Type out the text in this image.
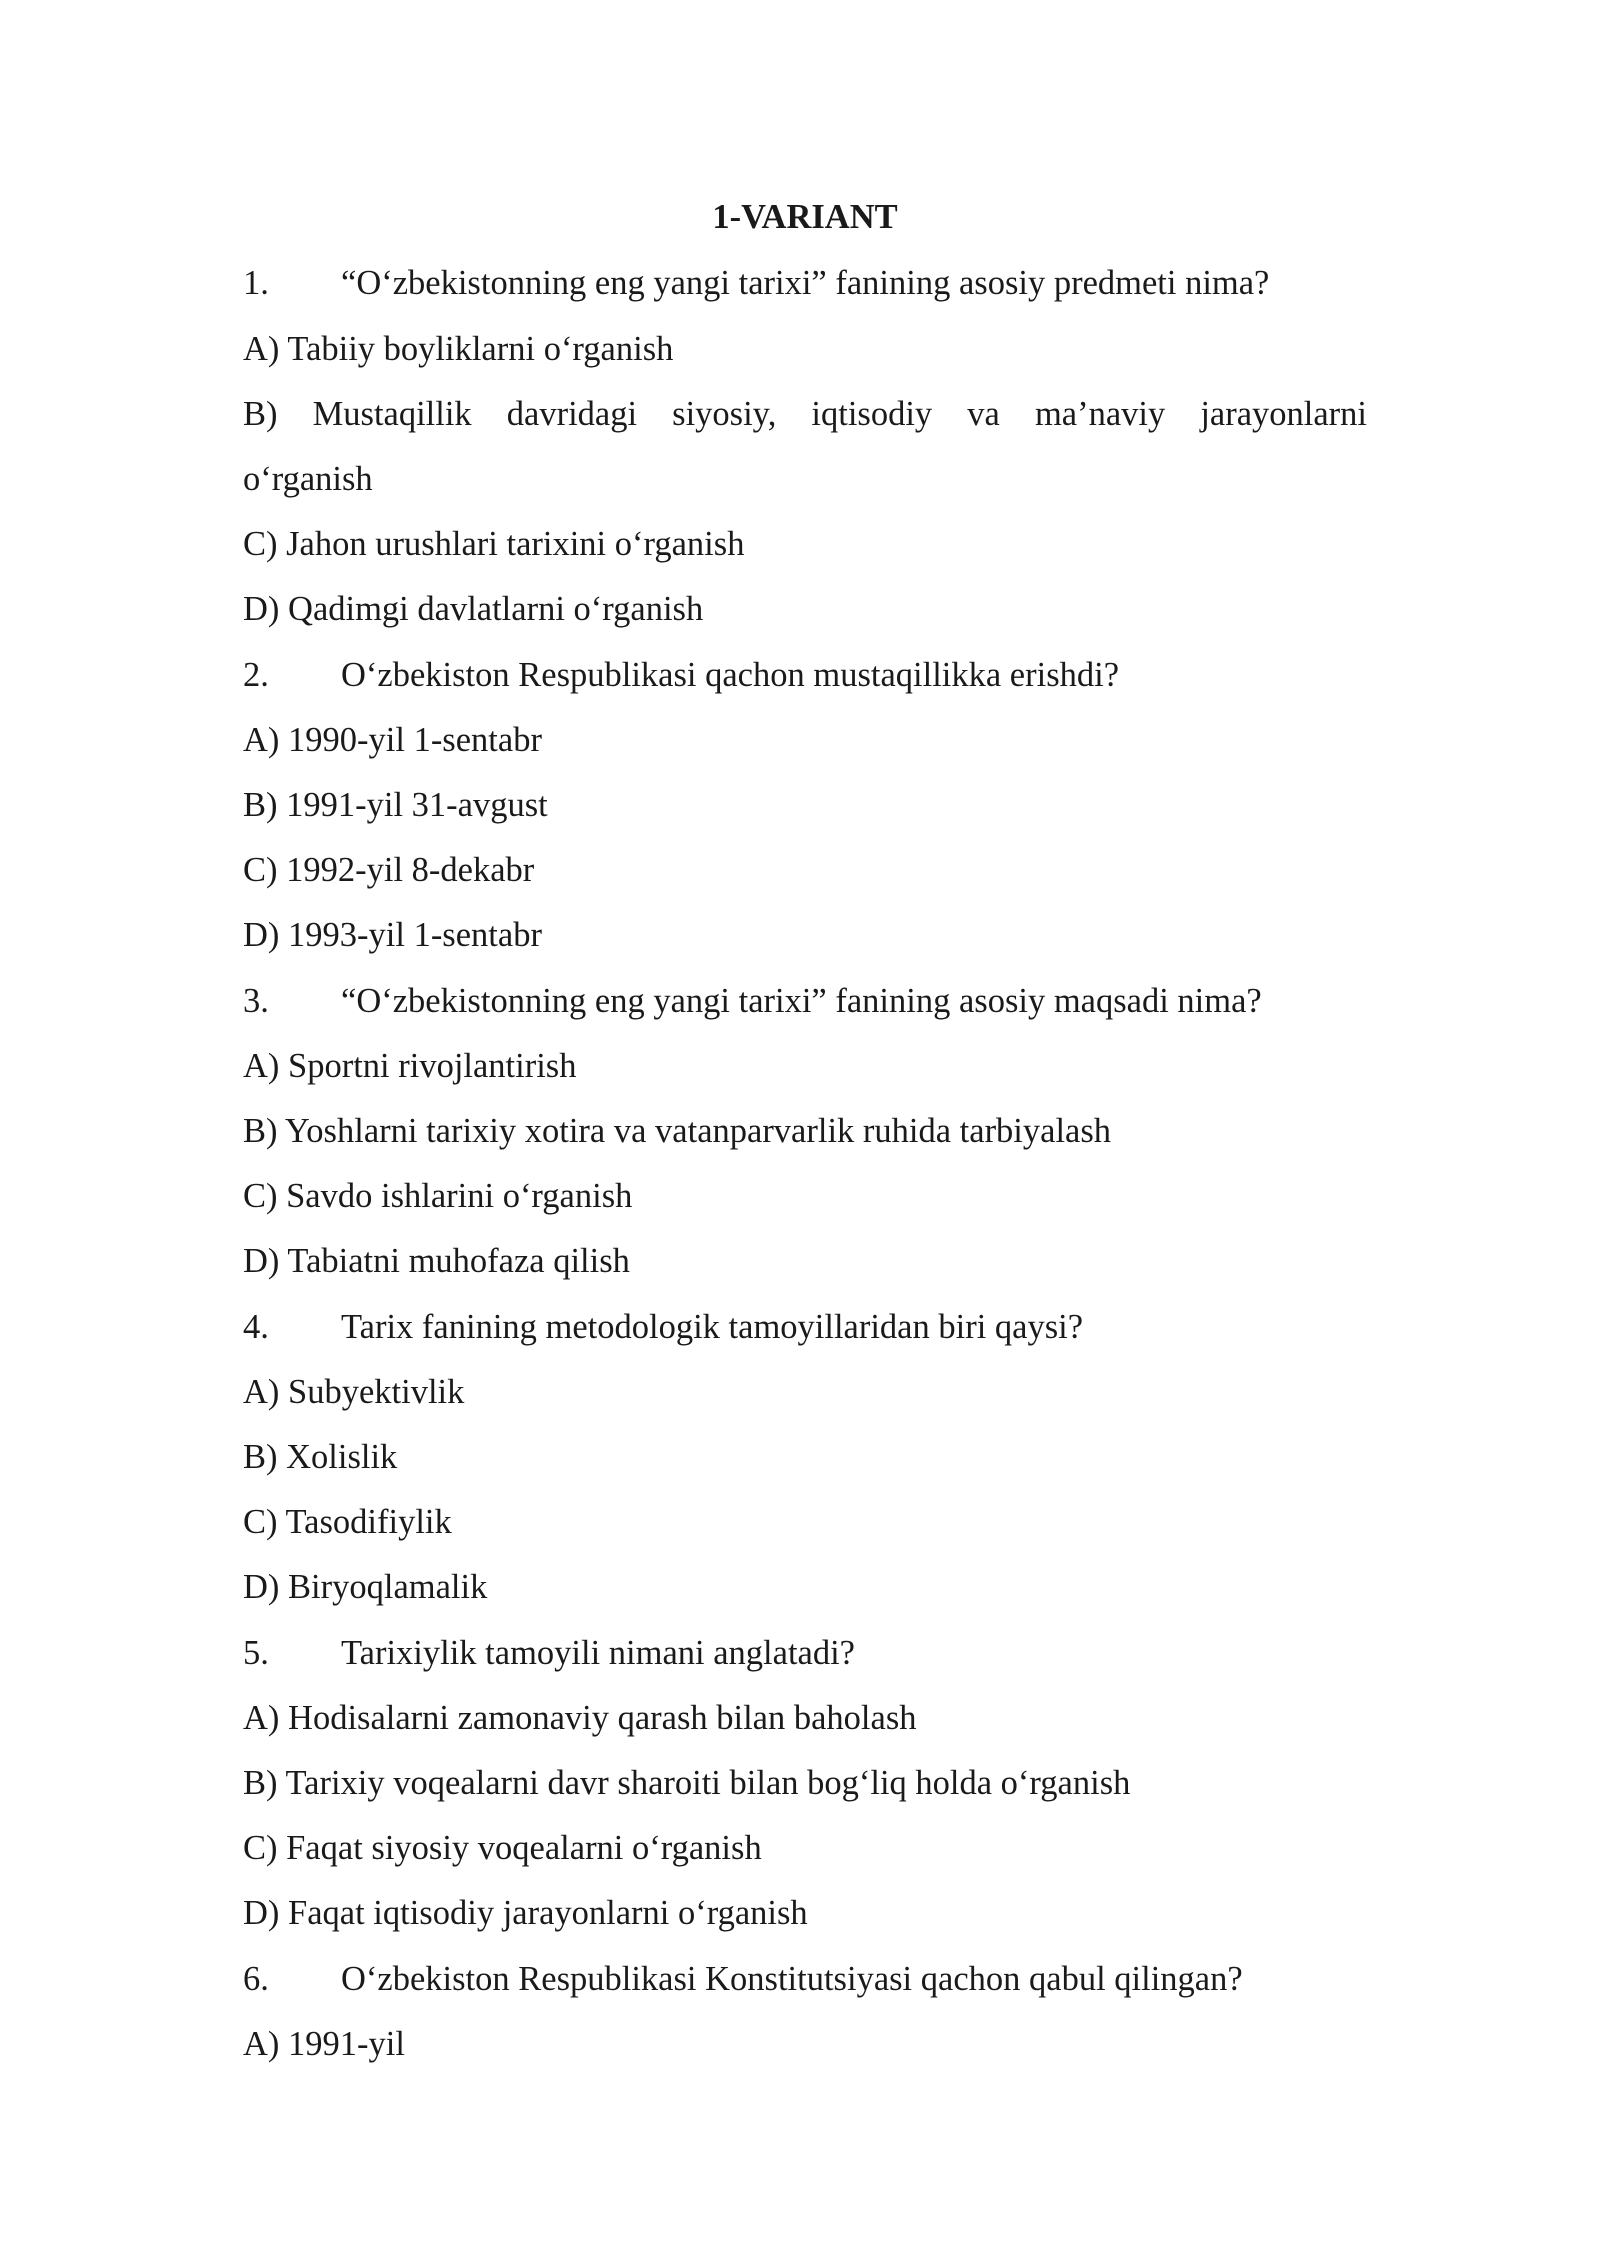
1-VARIANT
1. “O‘zbekistonning eng yangi tarixi” fanining asosiy predmeti nima?
A) Tabiiy boyliklarni o‘rganish
B) Mustaqillik davridagi siyosiy, iqtisodiy va ma’naviy jarayonlarni
o‘rganish
C) Jahon urushlari tarixini o‘rganish
D) Qadimgi davlatlarni o‘rganish
2. O‘zbekiston Respublikasi qachon mustaqillikka erishdi?
A) 1990-yil 1-sentabr
B) 1991-yil 31-avgust
C) 1992-yil 8-dekabr
D) 1993-yil 1-sentabr
3. “O‘zbekistonning eng yangi tarixi” fanining asosiy maqsadi nima?
A) Sportni rivojlantirish
B) Yoshlarni tarixiy xotira va vatanparvarlik ruhida tarbiyalash
C) Savdo ishlarini o‘rganish
D) Tabiatni muhofaza qilish
4. Tarix fanining metodologik tamoyillaridan biri qaysi?
A) Subyektivlik
B) Xolislik
C) Tasodifiylik
D) Biryoqlamalik
5. Tarixiylik tamoyili nimani anglatadi?
A) Hodisalarni zamonaviy qarash bilan baholash
B) Tarixiy voqealarni davr sharoiti bilan bog‘liq holda o‘rganish
C) Faqat siyosiy voqealarni o‘rganish
D) Faqat iqtisodiy jarayonlarni o‘rganish
6. O‘zbekiston Respublikasi Konstitutsiyasi qachon qabul qilingan?
A) 1991-yil
